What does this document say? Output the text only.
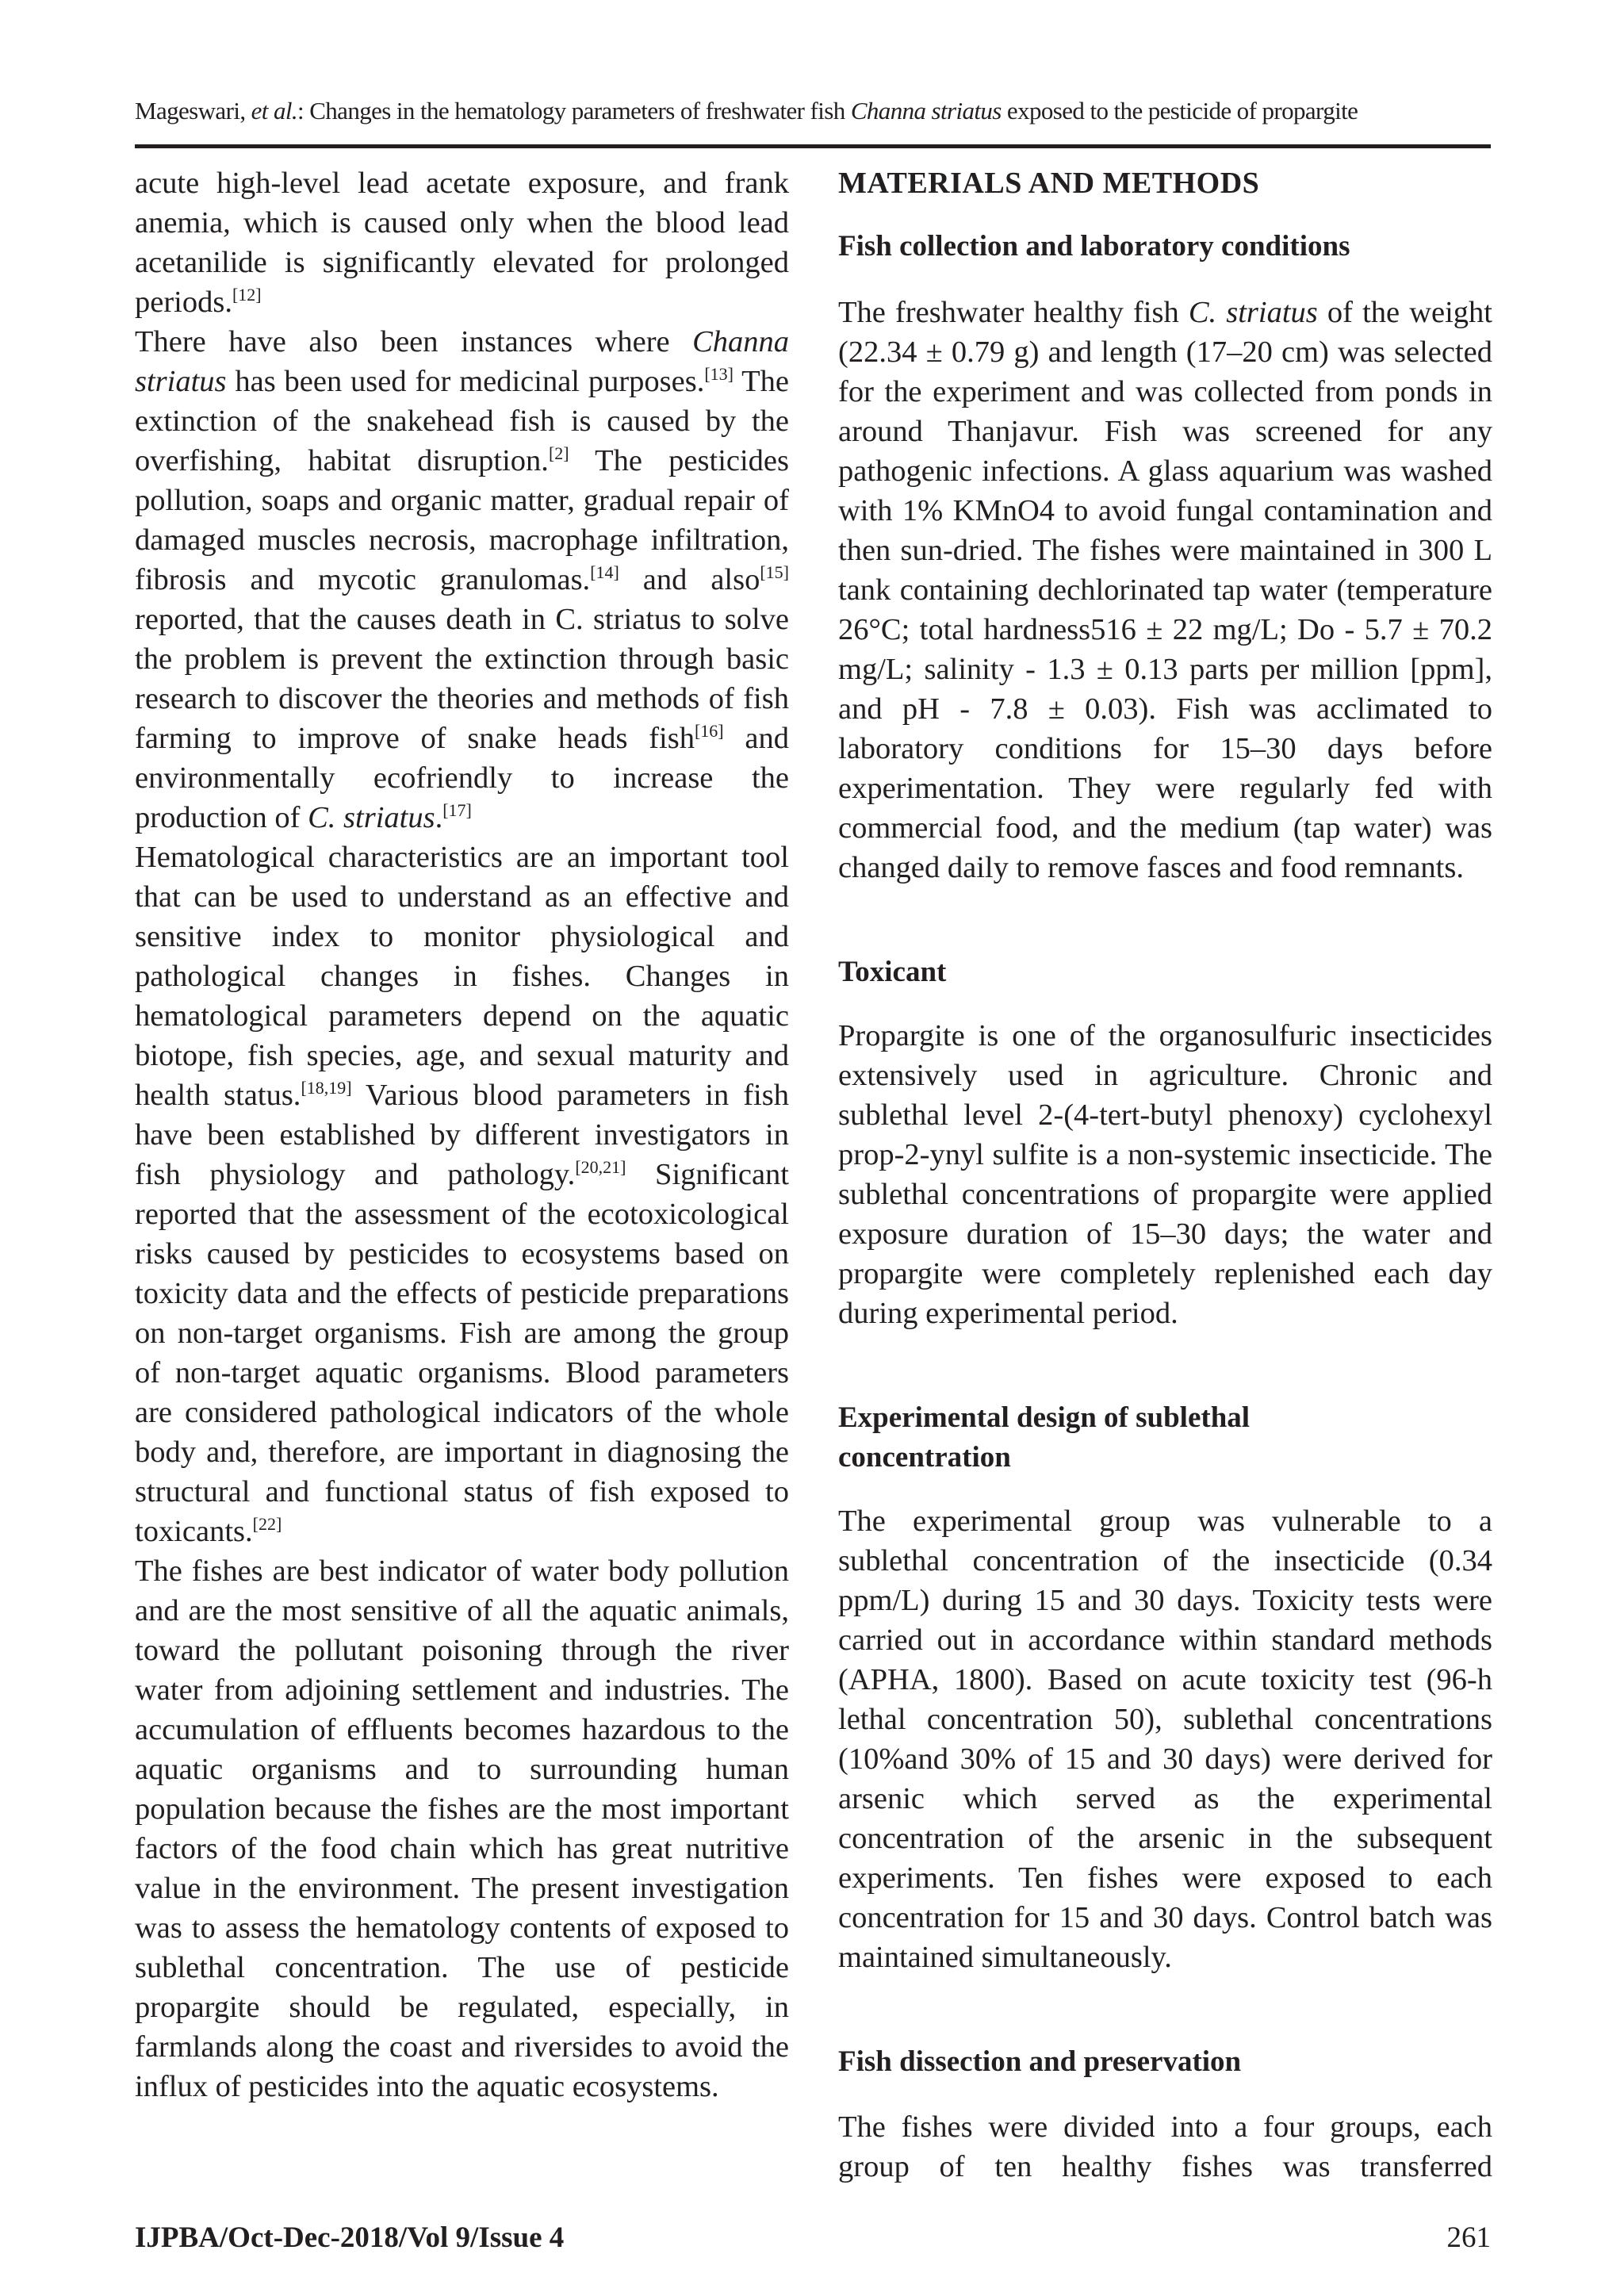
Mageswari, et al.: Changes in the hematology parameters of freshwater fish Channa striatus exposed to the pesticide of propargite

acute high-level lead acetate exposure, and frank anemia, which is caused only when the blood lead acetanilide is significantly elevated for prolonged periods.[12]

There have also been instances where Channa striatus has been used for medicinal purposes.[13] The extinction of the snakehead fish is caused by the overfishing, habitat disruption.[2] The pesticides pollution, soaps and organic matter, gradual repair of damaged muscles necrosis, macrophage infiltration, fibrosis and mycotic granulomas.[14] and also[15] reported, that the causes death in C. striatus to solve the problem is prevent the extinction through basic research to discover the theories and methods of fish farming to improve of snake heads fish[16] and environmentally ecofriendly to increase the production of C. striatus.[17]

Hematological characteristics are an important tool that can be used to understand as an effective and sensitive index to monitor physiological and pathological changes in fishes. Changes in hematological parameters depend on the aquatic biotope, fish species, age, and sexual maturity and health status.[18,19] Various blood parameters in fish have been established by different investigators in fish physiology and pathology.[20,21] Significant reported that the assessment of the ecotoxicological risks caused by pesticides to ecosystems based on toxicity data and the effects of pesticide preparations on non-target organisms. Fish are among the group of non-target aquatic organisms. Blood parameters are considered pathological indicators of the whole body and, therefore, are important in diagnosing the structural and functional status of fish exposed to toxicants.[22]

The fishes are best indicator of water body pollution and are the most sensitive of all the aquatic animals, toward the pollutant poisoning through the river water from adjoining settlement and industries. The accumulation of effluents becomes hazardous to the aquatic organisms and to surrounding human population because the fishes are the most important factors of the food chain which has great nutritive value in the environment. The present investigation was to assess the hematology contents of exposed to sublethal concentration. The use of pesticide propargite should be regulated, especially, in farmlands along the coast and riversides to avoid the influx of pesticides into the aquatic ecosystems.

MATERIALS AND METHODS
Fish collection and laboratory conditions
The freshwater healthy fish C. striatus of the weight (22.34 ± 0.79 g) and length (17–20 cm) was selected for the experiment and was collected from ponds in around Thanjavur. Fish was screened for any pathogenic infections. A glass aquarium was washed with 1% KMnO4 to avoid fungal contamination and then sun-dried. The fishes were maintained in 300 L tank containing dechlorinated tap water (temperature 26°C; total hardness516 ± 22 mg/L; Do - 5.7 ± 70.2 mg/L; salinity - 1.3 ± 0.13 parts per million [ppm], and pH - 7.8 ± 0.03). Fish was acclimated to laboratory conditions for 15–30 days before experimentation. They were regularly fed with commercial food, and the medium (tap water) was changed daily to remove fasces and food remnants.
Toxicant
Propargite is one of the organosulfuric insecticides extensively used in agriculture. Chronic and sublethal level 2-(4-tert-butyl phenoxy) cyclohexyl prop-2-ynyl sulfite is a non-systemic insecticide. The sublethal concentrations of propargite were applied exposure duration of 15–30 days; the water and propargite were completely replenished each day during experimental period.
Experimental design of sublethal
concentration
The experimental group was vulnerable to a sublethal concentration of the insecticide (0.34 ppm/L) during 15 and 30 days. Toxicity tests were carried out in accordance within standard methods (APHA, 1800). Based on acute toxicity test (96-h lethal concentration 50), sublethal concentrations (10%and 30% of 15 and 30 days) were derived for arsenic which served as the experimental concentration of the arsenic in the subsequent experiments. Ten fishes were exposed to each concentration for 15 and 30 days. Control batch was maintained simultaneously.
Fish dissection and preservation
The fishes were divided into a four groups, each group of ten healthy fishes was transferred
IJPBA/Oct-Dec-2018/Vol 9/Issue 4	261
